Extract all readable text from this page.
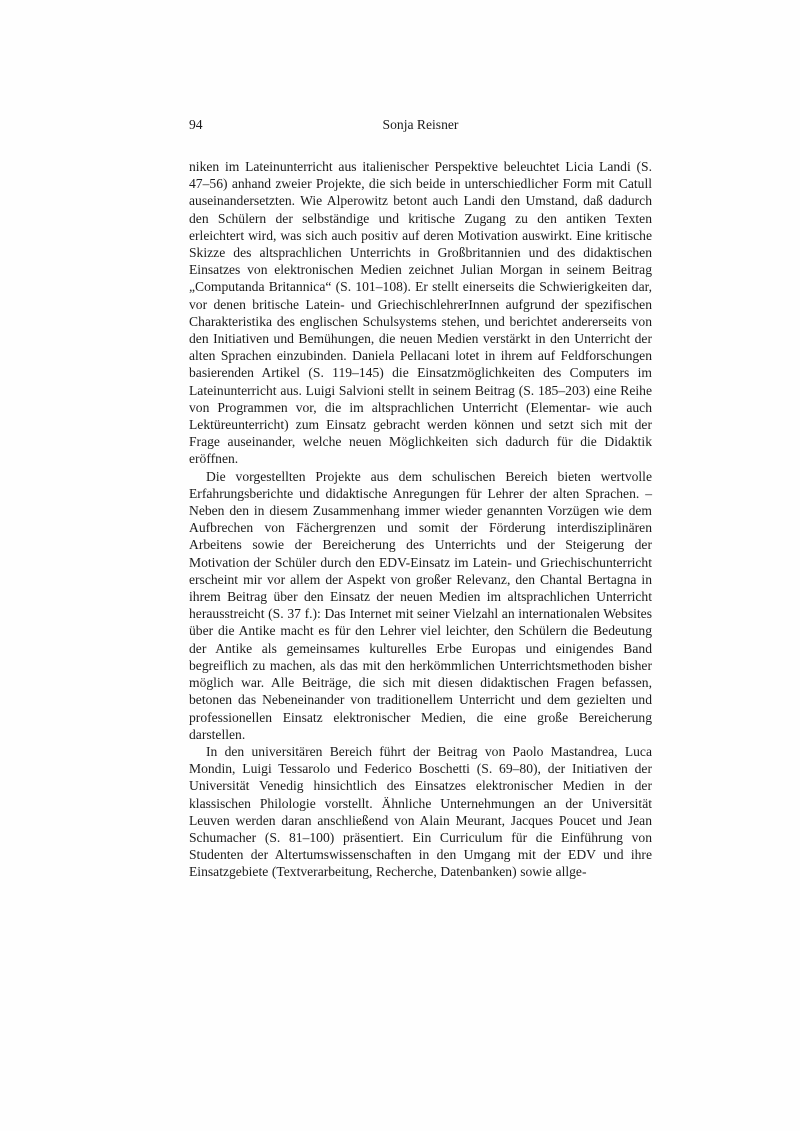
94	Sonja Reisner

niken im Lateinunterricht aus italienischer Perspektive beleuchtet Licia Landi (S. 47–56) anhand zweier Projekte, die sich beide in unterschiedlicher Form mit Catull auseinandersetzten. Wie Alperowitz betont auch Landi den Umstand, daß dadurch den Schülern der selbständige und kritische Zugang zu den antiken Texten erleichtert wird, was sich auch positiv auf deren Motivation auswirkt. Eine kritische Skizze des altsprachlichen Unterrichts in Großbritannien und des didaktischen Einsatzes von elektronischen Medien zeichnet Julian Morgan in seinem Beitrag „Computanda Britannica“ (S. 101–108). Er stellt einerseits die Schwierigkeiten dar, vor denen britische Latein- und GriechischlehrerInnen aufgrund der spezifischen Charakteristika des englischen Schulsystems stehen, und berichtet andererseits von den Initiativen und Bemühungen, die neuen Medien verstärkt in den Unterricht der alten Sprachen einzubinden. Daniela Pellacani lotet in ihrem auf Feldforschungen basierenden Artikel (S. 119–145) die Einsatzmöglichkeiten des Computers im Lateinunterricht aus. Luigi Salvioni stellt in seinem Beitrag (S. 185–203) eine Reihe von Programmen vor, die im altsprachlichen Unterricht (Elementar- wie auch Lektüreunterricht) zum Einsatz gebracht werden können und setzt sich mit der Frage auseinander, welche neuen Möglichkeiten sich dadurch für die Didaktik eröffnen.

Die vorgestellten Projekte aus dem schulischen Bereich bieten wertvolle Erfahrungsberichte und didaktische Anregungen für Lehrer der alten Sprachen. – Neben den in diesem Zusammenhang immer wieder genannten Vorzügen wie dem Aufbrechen von Fächergrenzen und somit der Förderung interdisziplinären Arbeitens sowie der Bereicherung des Unterrichts und der Steigerung der Motivation der Schüler durch den EDV-Einsatz im Latein- und Griechischunterricht erscheint mir vor allem der Aspekt von großer Relevanz, den Chantal Bertagna in ihrem Beitrag über den Einsatz der neuen Medien im altsprachlichen Unterricht herausstreicht (S. 37 f.): Das Internet mit seiner Vielzahl an internationalen Websites über die Antike macht es für den Lehrer viel leichter, den Schülern die Bedeutung der Antike als gemeinsames kulturelles Erbe Europas und einigendes Band begreiflich zu machen, als das mit den herkömmlichen Unterrichtsmethoden bisher möglich war. Alle Beiträge, die sich mit diesen didaktischen Fragen befassen, betonen das Nebeneinander von traditionellem Unterricht und dem gezielten und professionellen Einsatz elektronischer Medien, die eine große Bereicherung darstellen.

In den universitären Bereich führt der Beitrag von Paolo Mastandrea, Luca Mondin, Luigi Tessarolo und Federico Boschetti (S. 69–80), der Initiativen der Universität Venedig hinsichtlich des Einsatzes elektronischer Medien in der klassischen Philologie vorstellt. Ähnliche Unternehmungen an der Universität Leuven werden daran anschließend von Alain Meurant, Jacques Poucet und Jean Schumacher (S. 81–100) präsentiert. Ein Curriculum für die Einführung von Studenten der Altertumswissenschaften in den Umgang mit der EDV und ihre Einsatzgebiete (Textverarbeitung, Recherche, Datenbanken) sowie allge-
